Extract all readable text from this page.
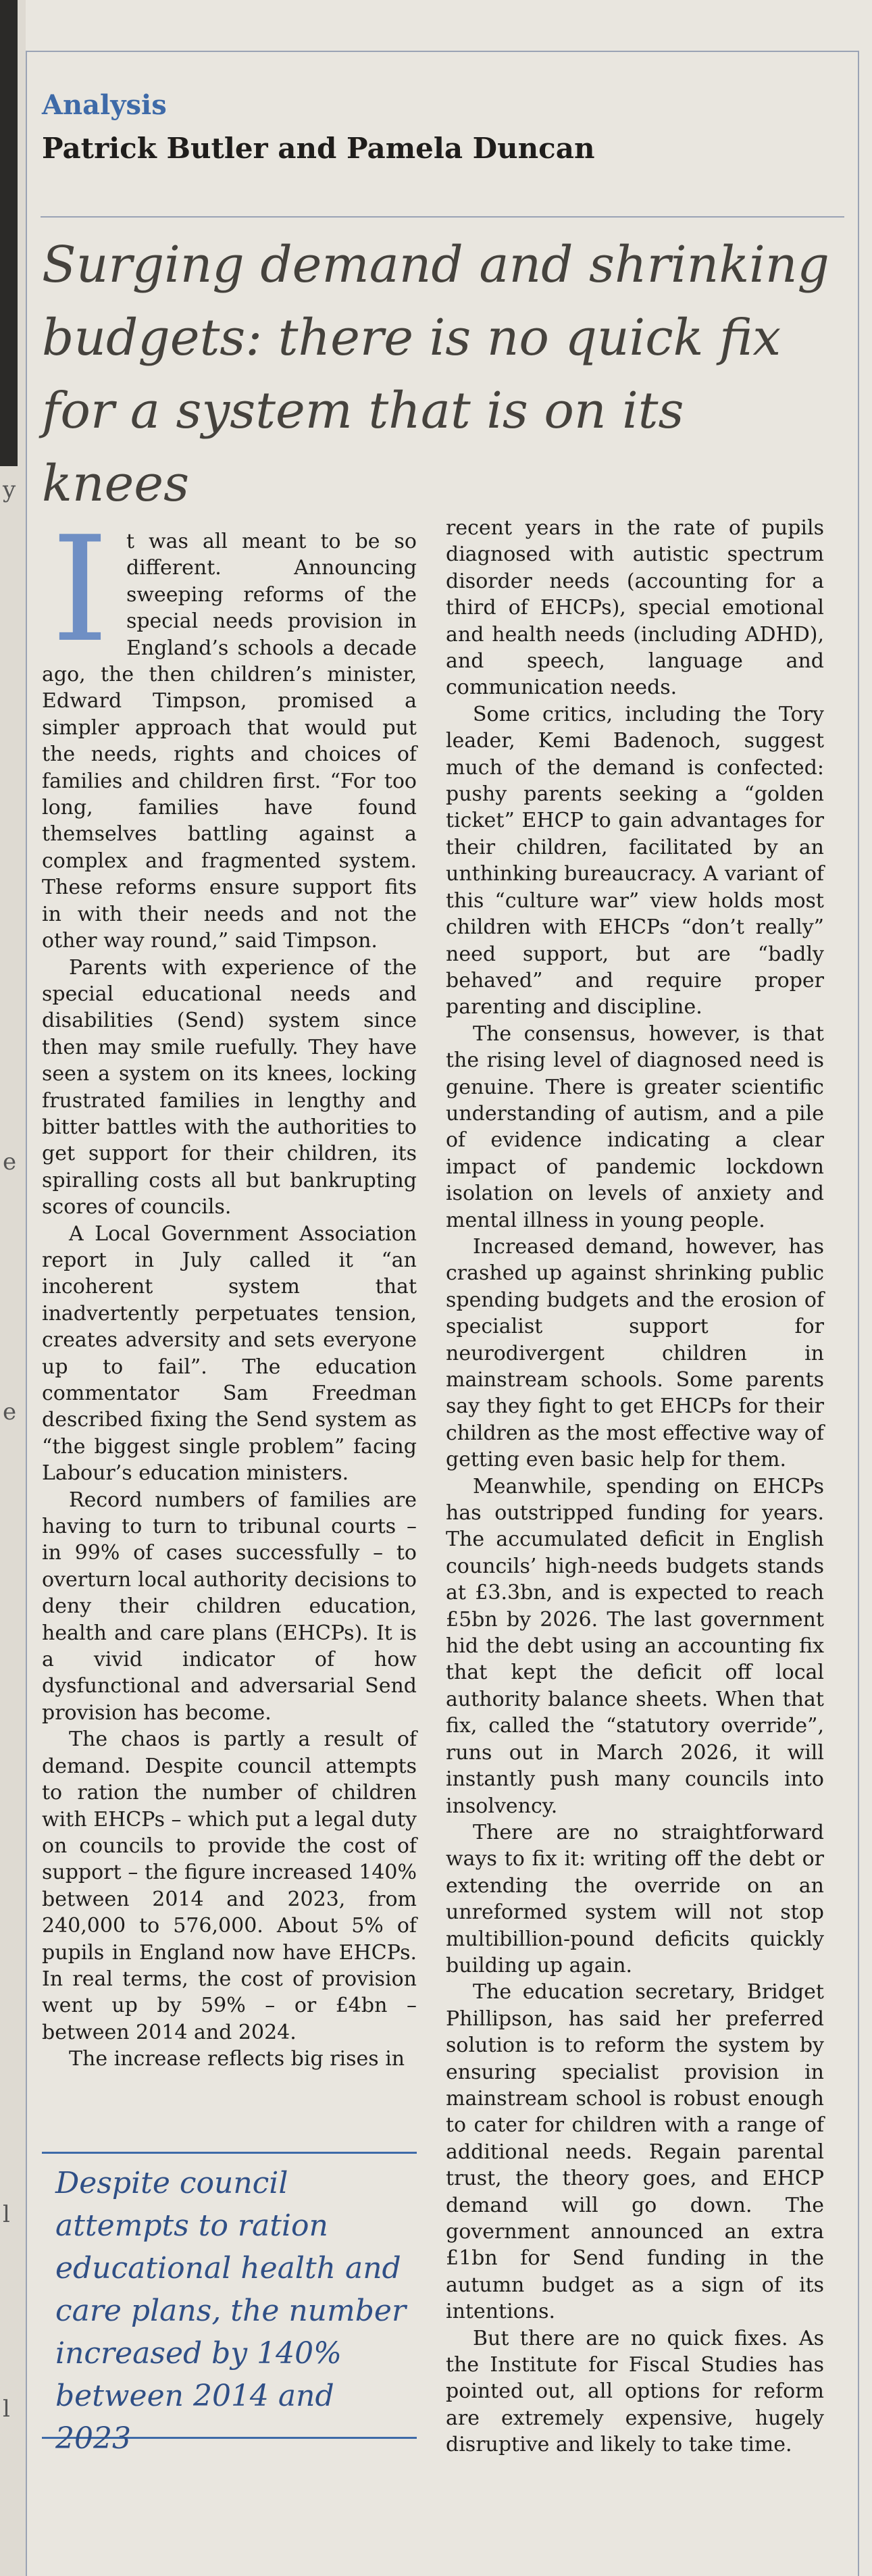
y
e
e
l
l
Analysis
Patrick Butler and Pamela Duncan
Surging demand and shrinking budgets: there is no quick fix for a system that is on its knees

It was all meant to be so different. Announcing sweeping reforms of the special needs provision in England’s schools a decade ago, the then children’s minister, Edward Timpson, promised a simpler approach that would put the needs, rights and choices of families and children first. “For too long, families have found themselves battling against a complex and fragmented system. These reforms ensure support fits in with their needs and not the other way round,” said Timpson.

Parents with experience of the special educational needs and disabilities (Send) system since then may smile ruefully. They have seen a system on its knees, locking frustrated families in lengthy and bitter battles with the authorities to get support for their children, its spiralling costs all but bankrupting scores of councils.

A Local Government Association report in July called it “an incoherent system that inadvertently perpetuates tension, creates adversity and sets everyone up to fail”. The education commentator Sam Freedman described fixing the Send system as “the biggest single problem” facing Labour’s education ministers.

Record numbers of families are having to turn to tribunal courts – in 99% of cases successfully – to overturn local authority decisions to deny their children education, health and care plans (EHCPs). It is a vivid indicator of how dysfunctional and adversarial Send provision has become.

The chaos is partly a result of demand. Despite council attempts to ration the number of children with EHCPs – which put a legal duty on councils to provide the cost of support – the figure increased 140% between 2014 and 2023, from 240,000 to 576,000. About 5% of pupils in England now have EHCPs. In real terms, the cost of provision went up by 59% – or £4bn – between 2014 and 2024.

The increase reflects big rises in

recent years in the rate of pupils diagnosed with autistic spectrum disorder needs (accounting for a third of EHCPs), special emotional and health needs (including ADHD), and speech, language and communication needs.

Some critics, including the Tory leader, Kemi Badenoch, suggest much of the demand is confected: pushy parents seeking a “golden ticket” EHCP to gain advantages for their children, facilitated by an unthinking bureaucracy. A variant of this “culture war” view holds most children with EHCPs “don’t really” need support, but are “badly behaved” and require proper parenting and discipline.

The consensus, however, is that the rising level of diagnosed need is genuine. There is greater scientific understanding of autism, and a pile of evidence indicating a clear impact of pandemic lockdown isolation on levels of anxiety and mental illness in young people.

Increased demand, however, has crashed up against shrinking public spending budgets and the erosion of specialist support for neurodivergent children in mainstream schools. Some parents say they fight to get EHCPs for their children as the most effective way of getting even basic help for them.

Meanwhile, spending on EHCPs has outstripped funding for years. The accumulated deficit in English councils’ high-needs budgets stands at £3.3bn, and is expected to reach £5bn by 2026. The last government hid the debt using an accounting fix that kept the deficit off local authority balance sheets. When that fix, called the “statutory override”, runs out in March 2026, it will instantly push many councils into insolvency.

There are no straightforward ways to fix it: writing off the debt or extending the override on an unreformed system will not stop multibillion-pound deficits quickly building up again.

The education secretary, Bridget Phillipson, has said her preferred solution is to reform the system by ensuring specialist provision in mainstream school is robust enough to cater for children with a range of additional needs. Regain parental trust, the theory goes, and EHCP demand will go down. The government announced an extra £1bn for Send funding in the autumn budget as a sign of its intentions.

But there are no quick fixes. As the Institute for Fiscal Studies has pointed out, all options for reform are extremely expensive, hugely disruptive and likely to take time.

Despite council attempts to ration educational health and care plans, the number increased by 140% between 2014 and 2023
